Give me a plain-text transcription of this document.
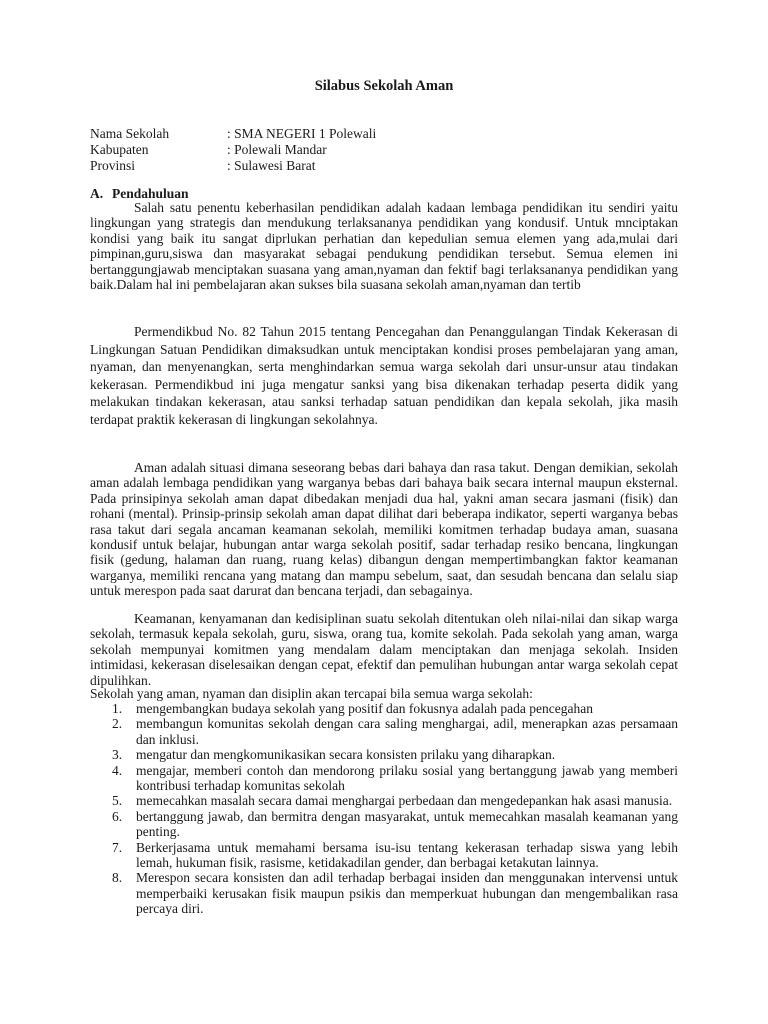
Silabus Sekolah Aman
Nama Sekolah	: SMA NEGERI 1 Polewali
Kabupaten	: Polewali Mandar
Provinsi	: Sulawesi Barat
A. Pendahuluan

Salah satu penentu keberhasilan pendidikan adalah kadaan lembaga pendidikan itu sendiri yaitu lingkungan yang strategis dan mendukung terlaksananya pendidikan yang kondusif. Untuk mnciptakan kondisi yang baik itu sangat diprlukan perhatian dan kepedulian semua elemen yang ada,mulai dari pimpinan,guru,siswa dan masyarakat sebagai pendukung pendidikan tersebut. Semua elemen ini bertanggungjawab menciptakan suasana yang aman,nyaman dan fektif bagi terlaksananya pendidikan yang baik.Dalam hal ini pembelajaran akan sukses bila suasana sekolah aman,nyaman dan tertib

Permendikbud No. 82 Tahun 2015 tentang Pencegahan dan Penanggulangan Tindak Kekerasan di Lingkungan Satuan Pendidikan dimaksudkan untuk menciptakan kondisi proses pembelajaran yang aman, nyaman, dan menyenangkan, serta menghindarkan semua warga sekolah dari unsur-unsur atau tindakan kekerasan. Permendikbud ini juga mengatur sanksi yang bisa dikenakan terhadap peserta didik yang melakukan tindakan kekerasan, atau sanksi terhadap satuan pendidikan dan kepala sekolah, jika masih terdapat praktik kekerasan di lingkungan sekolahnya.

Aman adalah situasi dimana seseorang bebas dari bahaya dan rasa takut. Dengan demikian, sekolah aman adalah lembaga pendidikan yang warganya bebas dari bahaya baik secara internal maupun eksternal. Pada prinsipinya sekolah aman dapat dibedakan menjadi dua hal, yakni aman secara jasmani (fisik) dan rohani (mental). Prinsip-prinsip sekolah aman dapat dilihat dari beberapa indikator, seperti warganya bebas rasa takut dari segala ancaman keamanan sekolah, memiliki komitmen terhadap budaya aman, suasana kondusif untuk belajar, hubungan antar warga sekolah positif, sadar terhadap resiko bencana, lingkungan fisik (gedung, halaman dan ruang, ruang kelas) dibangun dengan mempertimbangkan faktor keamanan warganya, memiliki rencana yang matang dan mampu sebelum, saat, dan sesudah bencana dan selalu siap untuk merespon pada saat darurat dan bencana terjadi, dan sebagainya.

Keamanan, kenyamanan dan kedisiplinan suatu sekolah ditentukan oleh nilai-nilai dan sikap warga sekolah, termasuk kepala sekolah, guru, siswa, orang tua, komite sekolah. Pada sekolah yang aman, warga sekolah mempunyai komitmen yang mendalam dalam menciptakan dan menjaga sekolah. Insiden intimidasi, kekerasan diselesaikan dengan cepat, efektif dan pemulihan hubungan antar warga sekolah cepat dipulihkan.

Sekolah yang aman, nyaman dan disiplin akan tercapai bila semua warga sekolah:

1. mengembangkan budaya sekolah yang positif dan fokusnya adalah pada pencegahan
2. membangun komunitas sekolah dengan cara saling menghargai, adil, menerapkan azas persamaan dan inklusi.
3. mengatur dan mengkomunikasikan secara konsisten prilaku yang diharapkan.
4. mengajar, memberi contoh dan mendorong prilaku sosial yang bertanggung jawab yang memberi kontribusi terhadap komunitas sekolah
5. memecahkan masalah secara damai menghargai perbedaan dan mengedepankan hak asasi manusia.
6. bertanggung jawab, dan bermitra dengan masyarakat, untuk memecahkan masalah keamanan yang penting.
7. Berkerjasama untuk memahami bersama isu-isu tentang kekerasan terhadap siswa yang lebih lemah, hukuman fisik, rasisme, ketidakadilan gender, dan berbagai ketakutan lainnya.
8. Merespon secara konsisten dan adil terhadap berbagai insiden dan menggunakan intervensi untuk memperbaiki kerusakan fisik maupun psikis dan memperkuat hubungan dan mengembalikan rasa percaya diri.
